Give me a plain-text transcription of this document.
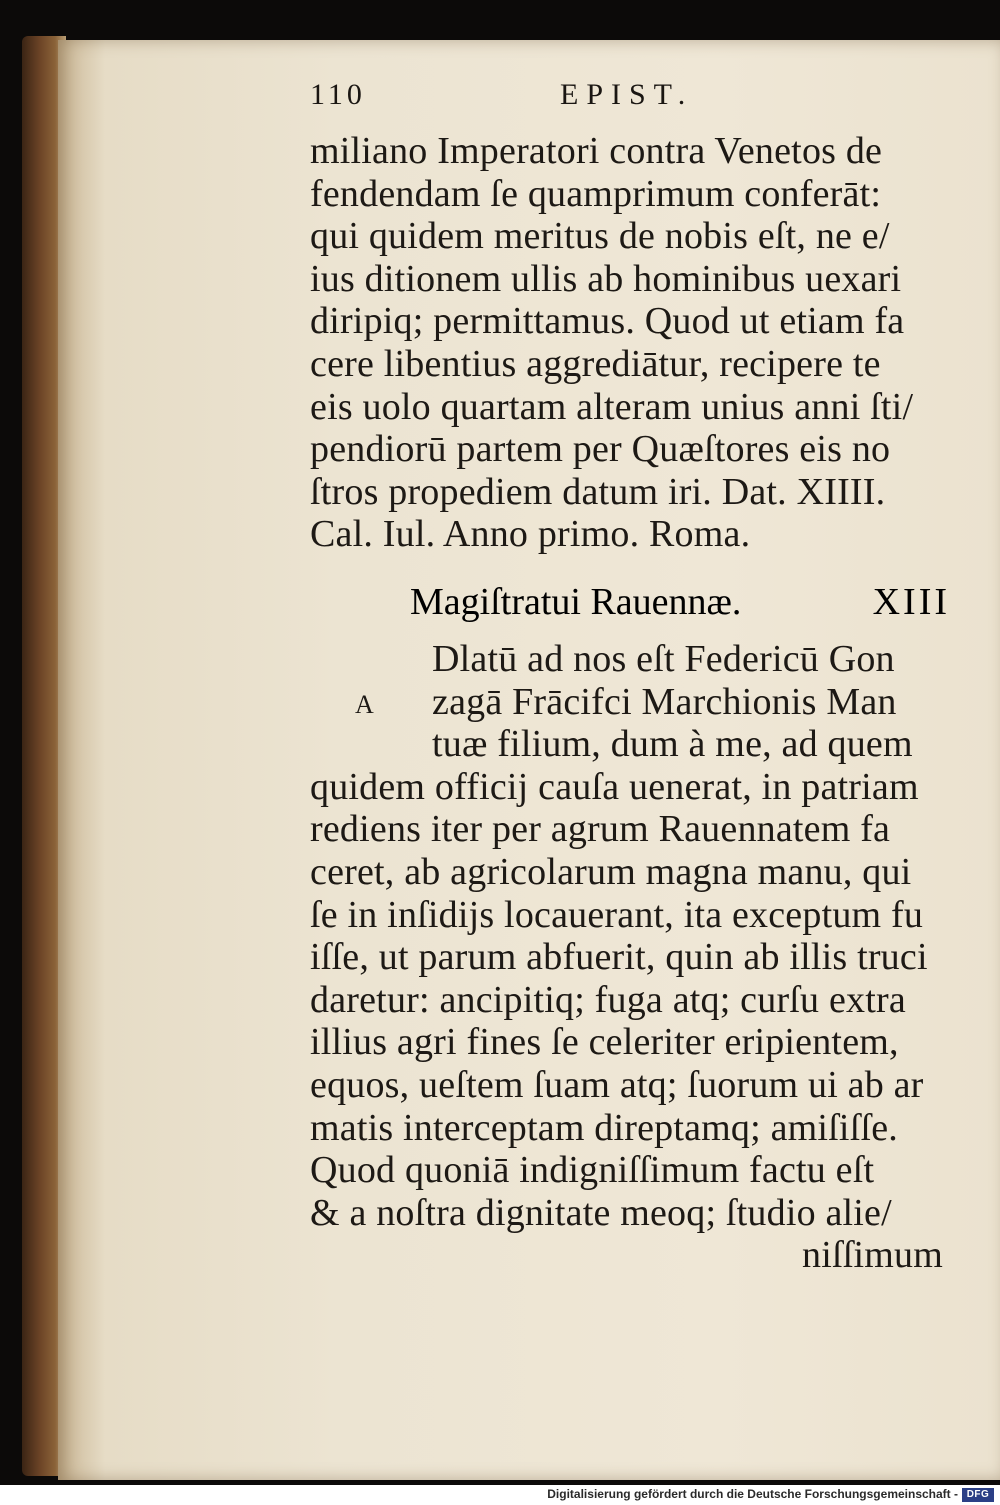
110	EPIST.
miliano Imperatori contra Venetos de
fendendam ſe quamprimum conferāt:
qui quidem meritus de nobis eſt, ne e/
ius ditionem ullis ab hominibus uexari
diripiq; permittamus. Quod ut etiam fa
cere libentius aggrediātur, recipere te
eis uolo quartam alteram unius anni ſti/
pendiorū partem per Quæſtores eis no
ſtros propediem datum iri. Dat. XIIII.
Cal. Iul. Anno primo. Roma.
Magiſtratui Rauennæ.	XIII
A
Dlatū ad nos eſt Federicū Gon
zagā Frācifci Marchionis Man
tuæ filium, dum à me, ad quem
quidem officij cauſa uenerat, in patriam
rediens iter per agrum Rauennatem fa
ceret, ab agricolarum magna manu, qui
ſe in inſidijs locauerant, ita exceptum fu
iſſe, ut parum abfuerit, quin ab illis truci
daretur: ancipitiq; fuga atq; curſu extra
illius agri fines ſe celeriter eripientem,
equos, ueſtem ſuam atq; ſuorum ui ab ar
matis interceptam direptamq; amiſiſſe.
Quod quoniā indigniſſimum factu eſt
& a noſtra dignitate meoq; ſtudio alie/
niſſimum
Digitalisierung gefördert durch die Deutsche Forschungsgemeinschaft - DFG
